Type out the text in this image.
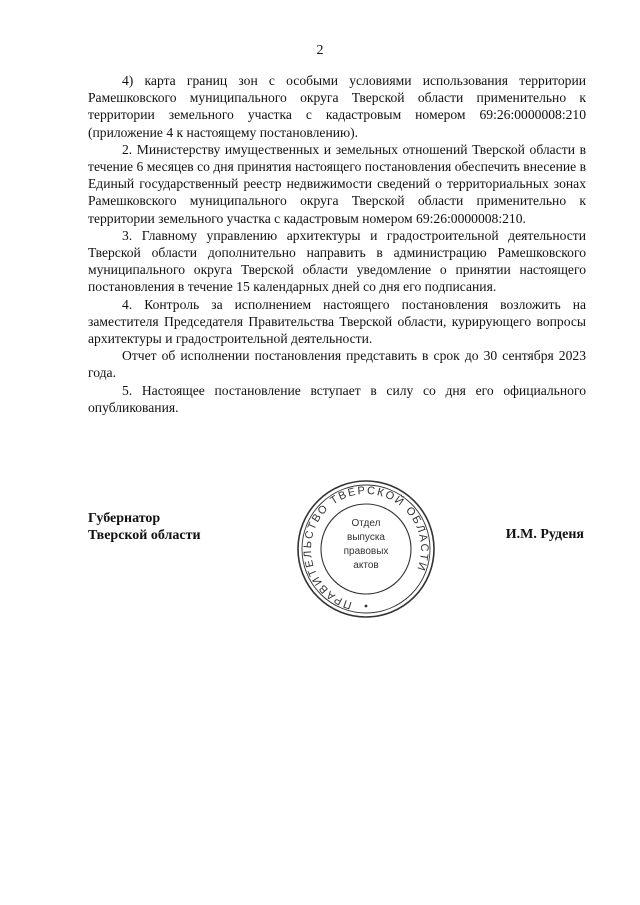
2

4) карта границ зон с особыми условиями использования территории Рамешковского муниципального округа Тверской области применительно к территории земельного участка с кадастровым номером 69:26:0000008:210 (приложение 4 к настоящему постановлению).

2. Министерству имущественных и земельных отношений Тверской области в течение 6 месяцев со дня принятия настоящего постановления обеспечить внесение в Единый государственный реестр недвижимости сведений о территориальных зонах Рамешковского муниципального округа Тверской области применительно к территории земельного участка с кадастровым номером 69:26:0000008:210.

3. Главному управлению архитектуры и градостроительной деятельности Тверской области дополнительно направить в администрацию Рамешковского муниципального округа Тверской области уведомление о принятии настоящего постановления в течение 15 календарных дней со дня его подписания.

4. Контроль за исполнением настоящего постановления возложить на заместителя Председателя Правительства Тверской области, курирующего вопросы архитектуры и градостроительной деятельности.

Отчет об исполнении постановления представить в срок до 30 сентября 2023 года.

5. Настоящее постановление вступает в силу со дня его официального опубликования.

Губернатор
Тверской области
ПРАВИТЕЛЬСТВО ТВЕРСКОЙ ОБЛАСТИ
Отдел
выпуска
правовых
актов
И.М. Руденя
